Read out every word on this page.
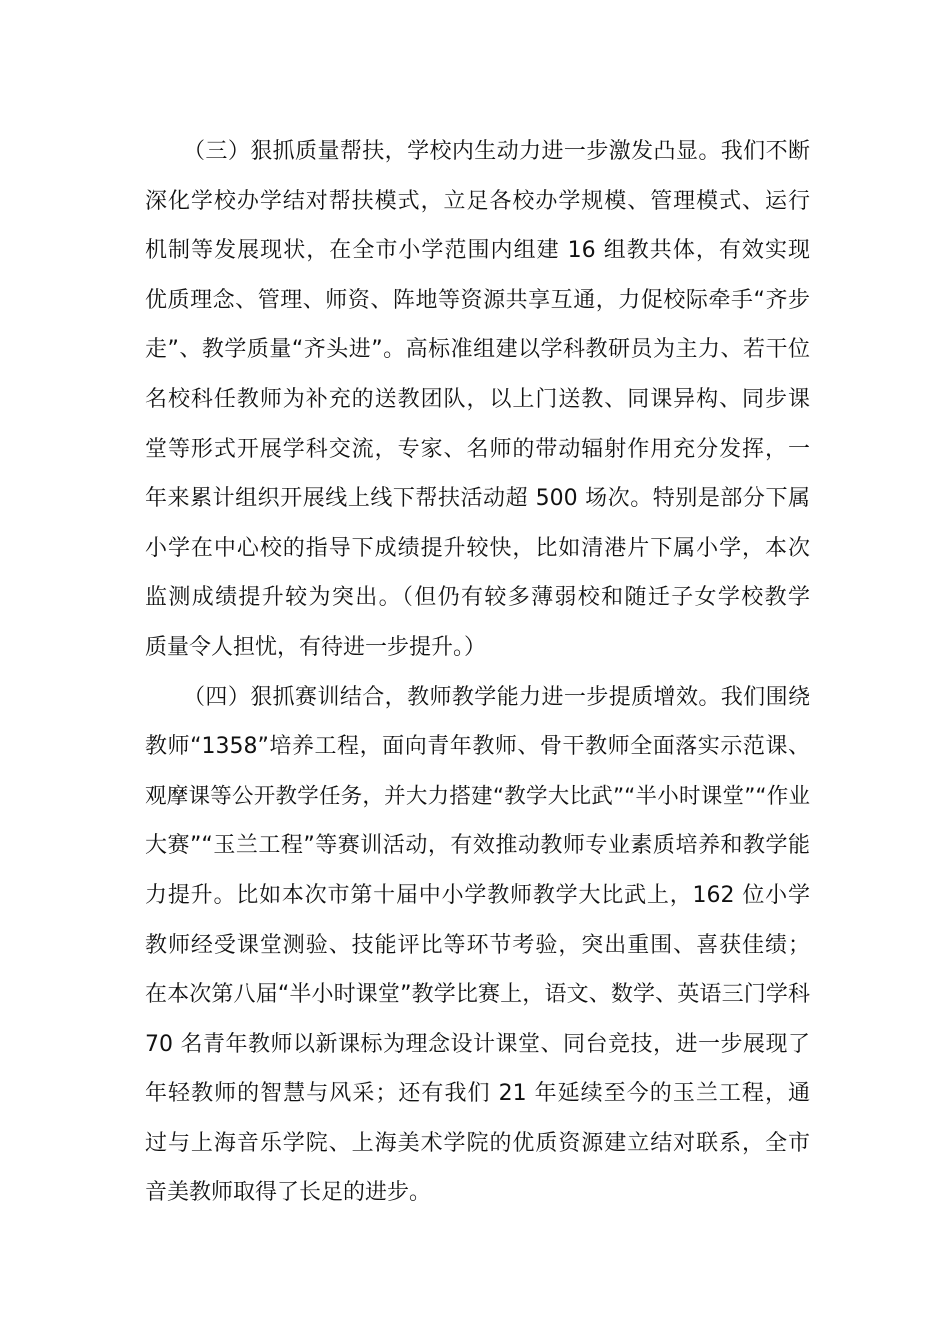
（三）狠抓质量帮扶，学校内生动力进一步激发凸显。我们不断
深化学校办学结对帮扶模式，立足各校办学规模、管理模式、运行
机制等发展现状，在全市小学范围内组建 16 组教共体，有效实现
优质理念、管理、师资、阵地等资源共享互通，力促校际牵手“齐步
走”、教学质量“齐头进”。高标准组建以学科教研员为主力、若干位
名校科任教师为补充的送教团队，以上门送教、同课异构、同步课
堂等形式开展学科交流，专家、名师的带动辐射作用充分发挥，一
年来累计组织开展线上线下帮扶活动超 500 场次。特别是部分下属
小学在中心校的指导下成绩提升较快，比如清港片下属小学，本次
监测成绩提升较为突出。（但仍有较多薄弱校和随迁子女学校教学
质量令人担忧，有待进一步提升。）
（四）狠抓赛训结合，教师教学能力进一步提质增效。我们围绕
教师“1358”培养工程，面向青年教师、骨干教师全面落实示范课、
观摩课等公开教学任务，并大力搭建“教学大比武”“半小时课堂”“作业
大赛”“玉兰工程”等赛训活动，有效推动教师专业素质培养和教学能
力提升。比如本次市第十届中小学教师教学大比武上，162 位小学
教师经受课堂测验、技能评比等环节考验，突出重围、喜获佳绩；
在本次第八届“半小时课堂”教学比赛上，语文、数学、英语三门学科
70 名青年教师以新课标为理念设计课堂、同台竞技，进一步展现了
年轻教师的智慧与风采；还有我们 21 年延续至今的玉兰工程，通
过与上海音乐学院、上海美术学院的优质资源建立结对联系，全市
音美教师取得了长足的进步。
